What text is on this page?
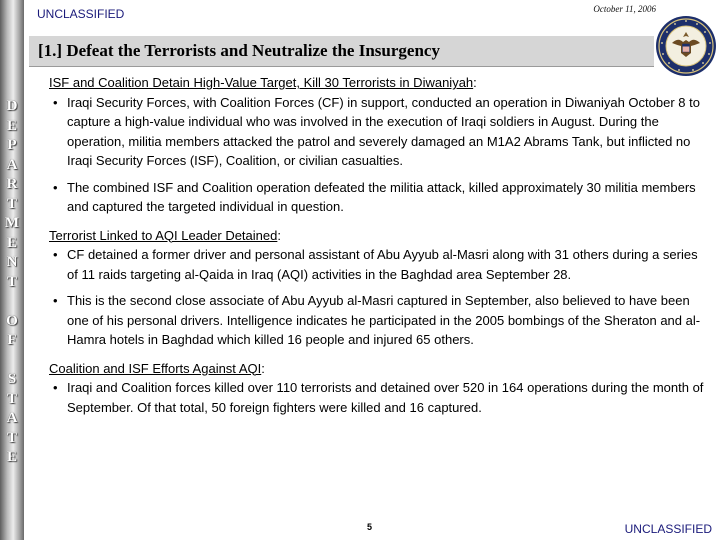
D
E
P
A
R
T
M
E
N
T
O
F
S
T
A
T
E
UNCLASSIFIED	October 11, 2006
[1.] Defeat the Terrorists and Neutralize the Insurgency

ISF and Coalition Detain High-Value Target, Kill 30 Terrorists in Diwaniyah:

• Iraqi Security Forces, with Coalition Forces (CF) in support, conducted an operation in Diwaniyah October 8 to capture a high-value individual who was involved in the execution of Iraqi soldiers in August. During the operation, militia members attacked the patrol and severely damaged an M1A2 Abrams Tank, but inflicted no Iraqi Security Forces (ISF), Coalition, or civilian casualties.
• The combined ISF and Coalition operation defeated the militia attack, killed approximately 30 militia members and captured the targeted individual in question.

Terrorist Linked to AQI Leader Detained:

• CF detained a former driver and personal assistant of Abu Ayyub al-Masri along with 31 others during a series of 11 raids targeting al-Qaida in Iraq (AQI) activities in the Baghdad area September 28.
• This is the second close associate of Abu Ayyub al-Masri captured in September, also believed to have been one of his personal drivers. Intelligence indicates he participated in the 2005 bombings of the Sheraton and al-Hamra hotels in Baghdad which killed 16 people and injured 65 others.

Coalition and ISF Efforts Against AQI:

• Iraqi and Coalition forces killed over 110 terrorists and detained over 520 in 164 operations during the month of September. Of that total, 50 foreign fighters were killed and 16 captured.
5	UNCLASSIFIED
